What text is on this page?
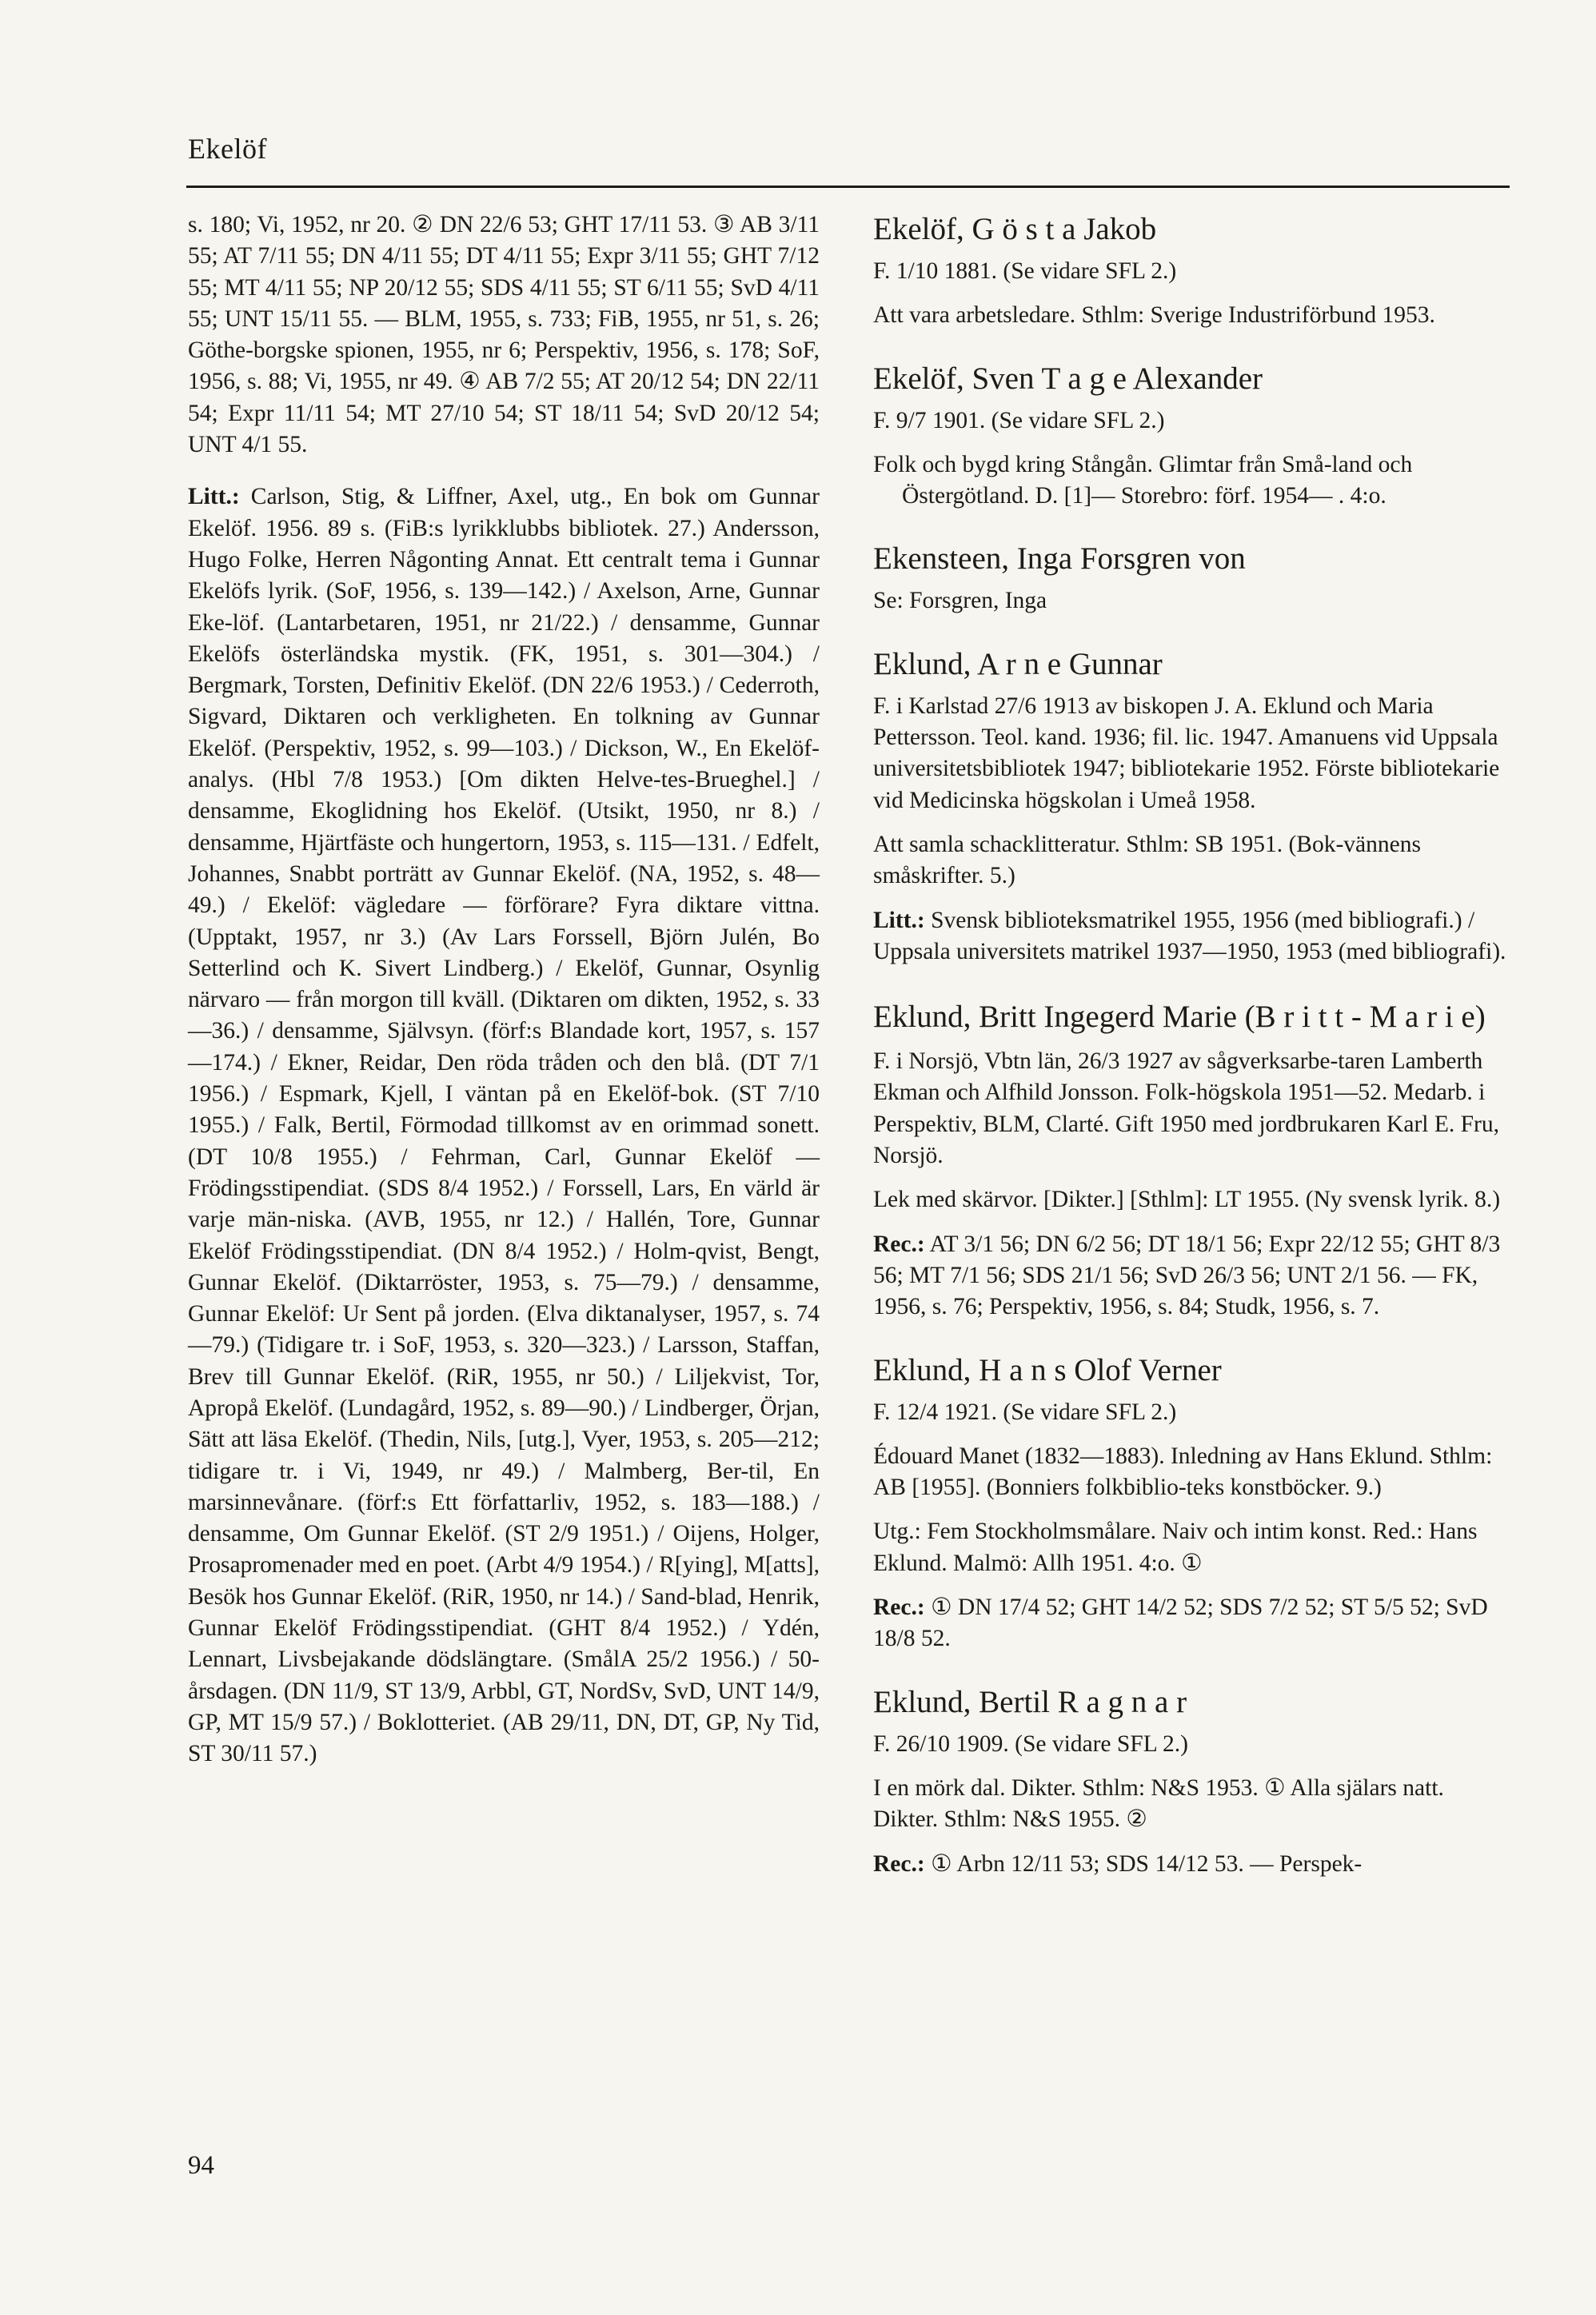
Ekelöf

s. 180; Vi, 1952, nr 20. ② DN 22/6 53; GHT 17/11 53. ③ AB 3/11 55; AT 7/11 55; DN 4/11 55; DT 4/11 55; Expr 3/11 55; GHT 7/12 55; MT 4/11 55; NP 20/12 55; SDS 4/11 55; ST 6/11 55; SvD 4/11 55; UNT 15/11 55. — BLM, 1955, s. 733; FiB, 1955, nr 51, s. 26; Göthe-borgske spionen, 1955, nr 6; Perspektiv, 1956, s. 178; SoF, 1956, s. 88; Vi, 1955, nr 49. ④ AB 7/2 55; AT 20/12 54; DN 22/11 54; Expr 11/11 54; MT 27/10 54; ST 18/11 54; SvD 20/12 54; UNT 4/1 55.

Litt.: Carlson, Stig, & Liffner, Axel, utg., En bok om Gunnar Ekelöf. 1956. 89 s. (FiB:s lyrikklubbs bibliotek. 27.) Andersson, Hugo Folke, Herren Någonting Annat. Ett centralt tema i Gunnar Ekelöfs lyrik. (SoF, 1956, s. 139—142.) / Axelson, Arne, Gunnar Eke-löf. (Lantarbetaren, 1951, nr 21/22.) / densamme, Gunnar Ekelöfs österländska mystik. (FK, 1951, s. 301—304.) / Bergmark, Torsten, Definitiv Ekelöf. (DN 22/6 1953.) / Cederroth, Sigvard, Diktaren och verkligheten. En tolkning av Gunnar Ekelöf. (Perspektiv, 1952, s. 99—103.) / Dickson, W., En Ekelöf-analys. (Hbl 7/8 1953.) [Om dikten Helve-tes-Brueghel.] / densamme, Ekoglidning hos Ekelöf. (Utsikt, 1950, nr 8.) / densamme, Hjärtfäste och hungertorn, 1953, s. 115—131. / Edfelt, Johannes, Snabbt porträtt av Gunnar Ekelöf. (NA, 1952, s. 48—49.) / Ekelöf: vägledare — förförare? Fyra diktare vittna. (Upptakt, 1957, nr 3.) (Av Lars Forssell, Björn Julén, Bo Setterlind och K. Sivert Lindberg.) / Ekelöf, Gunnar, Osynlig närvaro — från morgon till kväll. (Diktaren om dikten, 1952, s. 33—36.) / densamme, Självsyn. (förf:s Blandade kort, 1957, s. 157—174.) / Ekner, Reidar, Den röda tråden och den blå. (DT 7/1 1956.) / Espmark, Kjell, I väntan på en Ekelöf-bok. (ST 7/10 1955.) / Falk, Bertil, Förmodad tillkomst av en orimmad sonett. (DT 10/8 1955.) / Fehrman, Carl, Gunnar Ekelöf — Frödingsstipendiat. (SDS 8/4 1952.) / Forssell, Lars, En värld är varje män-niska. (AVB, 1955, nr 12.) / Hallén, Tore, Gunnar Ekelöf Frödingsstipendiat. (DN 8/4 1952.) / Holm-qvist, Bengt, Gunnar Ekelöf. (Diktarröster, 1953, s. 75—79.) / densamme, Gunnar Ekelöf: Ur Sent på jorden. (Elva diktanalyser, 1957, s. 74—79.) (Tidigare tr. i SoF, 1953, s. 320—323.) / Larsson, Staffan, Brev till Gunnar Ekelöf. (RiR, 1955, nr 50.) / Liljekvist, Tor, Apropå Ekelöf. (Lundagård, 1952, s. 89—90.) / Lindberger, Örjan, Sätt att läsa Ekelöf. (Thedin, Nils, [utg.], Vyer, 1953, s. 205—212; tidigare tr. i Vi, 1949, nr 49.) / Malmberg, Ber-til, En marsinnevånare. (förf:s Ett författarliv, 1952, s. 183—188.) / densamme, Om Gunnar Ekelöf. (ST 2/9 1951.) / Oijens, Holger, Prosapromenader med en poet. (Arbt 4/9 1954.) / R[ying], M[atts], Besök hos Gunnar Ekelöf. (RiR, 1950, nr 14.) / Sand-blad, Henrik, Gunnar Ekelöf Frödingsstipendiat. (GHT 8/4 1952.) / Ydén, Lennart, Livsbejakande dödslängtare. (SmålA 25/2 1956.) / 50-årsdagen. (DN 11/9, ST 13/9, Arbbl, GT, NordSv, SvD, UNT 14/9, GP, MT 15/9 57.) / Boklotteriet. (AB 29/11, DN, DT, GP, Ny Tid, ST 30/11 57.)

Ekelöf, G ö s t a Jakob

F. 1/10 1881. (Se vidare SFL 2.)

Att vara arbetsledare. Sthlm: Sverige Industriförbund 1953.

Ekelöf, Sven T a g e Alexander

F. 9/7 1901. (Se vidare SFL 2.)

Folk och bygd kring Stångån. Glimtar från Små-land och Östergötland. D. [1]— Storebro: förf. 1954— . 4:o.

Ekensteen, Inga Forsgren von

Se: Forsgren, Inga

Eklund, A r n e Gunnar

F. i Karlstad 27/6 1913 av biskopen J. A. Eklund och Maria Pettersson. Teol. kand. 1936; fil. lic. 1947. Amanuens vid Uppsala universitetsbibliotek 1947; bibliotekarie 1952. Förste bibliotekarie vid Medicinska högskolan i Umeå 1958.

Att samla schacklitteratur. Sthlm: SB 1951. (Bok-vännens småskrifter. 5.)

Litt.: Svensk biblioteksmatrikel 1955, 1956 (med bibliografi.) / Uppsala universitets matrikel 1937—1950, 1953 (med bibliografi).

Eklund, Britt Ingegerd Marie (B r i t t - M a r i e)

F. i Norsjö, Vbtn län, 26/3 1927 av sågverksarbe-taren Lamberth Ekman och Alfhild Jonsson. Folk-högskola 1951—52. Medarb. i Perspektiv, BLM, Clarté. Gift 1950 med jordbrukaren Karl E. Fru, Norsjö.

Lek med skärvor. [Dikter.] [Sthlm]: LT 1955. (Ny svensk lyrik. 8.)

Rec.: AT 3/1 56; DN 6/2 56; DT 18/1 56; Expr 22/12 55; GHT 8/3 56; MT 7/1 56; SDS 21/1 56; SvD 26/3 56; UNT 2/1 56. — FK, 1956, s. 76; Perspektiv, 1956, s. 84; Studk, 1956, s. 7.

Eklund, H a n s Olof Verner

F. 12/4 1921. (Se vidare SFL 2.)

Édouard Manet (1832—1883). Inledning av Hans Eklund. Sthlm: AB [1955]. (Bonniers folkbiblio-teks konstböcker. 9.)

Utg.: Fem Stockholmsmålare. Naiv och intim konst. Red.: Hans Eklund. Malmö: Allh 1951. 4:o. ①

Rec.: ① DN 17/4 52; GHT 14/2 52; SDS 7/2 52; ST 5/5 52; SvD 18/8 52.

Eklund, Bertil R a g n a r

F. 26/10 1909. (Se vidare SFL 2.)

I en mörk dal. Dikter. Sthlm: N&S 1953. ① Alla själars natt. Dikter. Sthlm: N&S 1955. ②

Rec.: ① Arbn 12/11 53; SDS 14/12 53. — Perspek-

94
